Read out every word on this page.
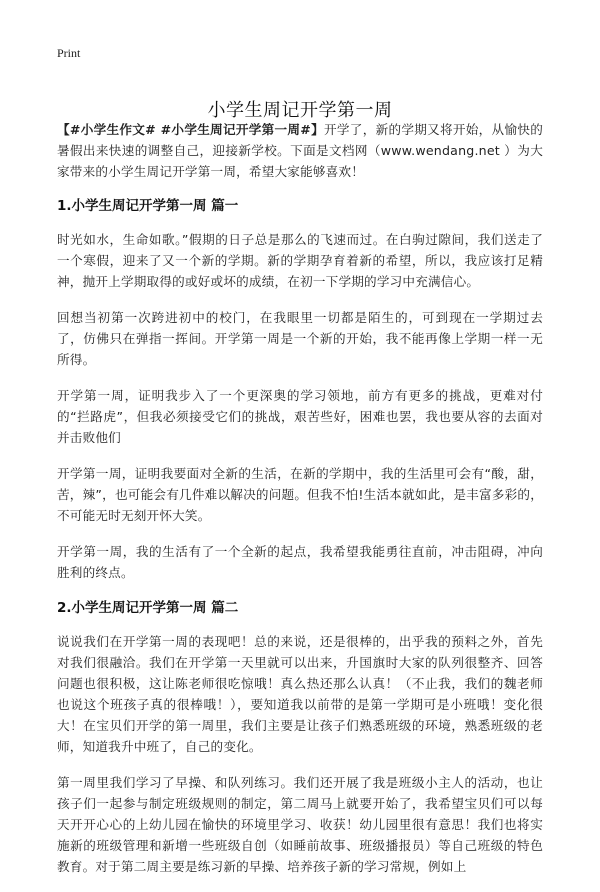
Print
小学生周记开学第一周

【#小学生作文# #小学生周记开学第一周#】开学了，新的学期又将开始，从愉快的暑假出来快速的调整自己，迎接新学校。下面是文档网（www.wendang.net ）为大家带来的小学生周记开学第一周，希望大家能够喜欢！

1.小学生周记开学第一周 篇一

时光如水，生命如歌。”假期的日子总是那么的飞速而过。在白驹过隙间，我们送走了一个寒假，迎来了又一个新的学期。新的学期孕育着新的希望，所以，我应该打足精神，抛开上学期取得的或好或坏的成绩，在初一下学期的学习中充满信心。

回想当初第一次跨进初中的校门，在我眼里一切都是陌生的，可到现在一学期过去了，仿佛只在弹指一挥间。开学第一周是一个新的开始，我不能再像上学期一样一无所得。

开学第一周，证明我步入了一个更深奥的学习领地，前方有更多的挑战，更难对付的“拦路虎”，但我必须接受它们的挑战，艰苦些好，困难也罢，我也要从容的去面对并击败他们

开学第一周，证明我要面对全新的生活，在新的学期中，我的生活里可会有“酸，甜，苦，辣”，也可能会有几件难以解决的问题。但我不怕!生活本就如此，是丰富多彩的，不可能无时无刻开怀大笑。

开学第一周，我的生活有了一个全新的起点，我希望我能勇往直前，冲击阻碍，冲向胜利的终点。

2.小学生周记开学第一周 篇二

说说我们在开学第一周的表现吧！总的来说，还是很棒的，出乎我的预料之外，首先对我们很融洽。我们在开学第一天里就可以出来，升国旗时大家的队列很整齐、回答问题也很积极，这让陈老师很吃惊哦！真么热还那么认真！（不止我，我们的魏老师也说这个班孩子真的很棒哦！），要知道我以前带的是第一学期可是小班哦！变化很大！在宝贝们开学的第一周里，我们主要是让孩子们熟悉班级的环境，熟悉班级的老师，知道我升中班了，自己的变化。

第一周里我们学习了早操、和队列练习。我们还开展了我是班级小主人的活动，也让孩子们一起参与制定班级规则的制定，第二周马上就要开始了，我希望宝贝们可以每天开开心心的上幼儿园在愉快的环境里学习、收获！幼儿园里很有意思！我们也将实施新的班级管理和新增一些班级自创（如睡前故事、班级播报员）等自己班级的特色教育。对于第二周主要是练习新的早操、培养孩子新的学习常规，例如上
